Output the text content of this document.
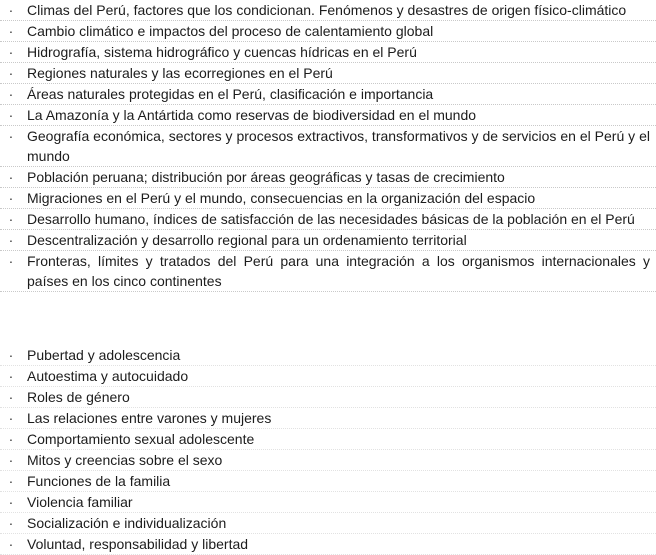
· Climas del Perú, factores que los condicionan. Fenómenos y desastres de origen físico-climático
· Cambio climático e impactos del proceso de calentamiento global
· Hidrografía, sistema hidrográfico y cuencas hídricas en el Perú
· Regiones naturales y las ecorregiones en el Perú
· Áreas naturales protegidas en el Perú, clasificación e importancia
· La Amazonía y la Antártida como reservas de biodiversidad en el mundo
· Geografía económica, sectores y procesos extractivos, transformativos y de servicios en el Perú y el mundo
· Población peruana; distribución por áreas geográficas y tasas de crecimiento
· Migraciones en el Perú y el mundo, consecuencias en la organización del espacio
· Desarrollo humano, índices de satisfacción de las necesidades básicas de la población en el Perú
· Descentralización y desarrollo regional para un ordenamiento territorial
· Fronteras, límites y tratados del Perú para una integración a los organismos internacionales y países en los cinco continentes
· Pubertad y adolescencia
· Autoestima y autocuidado
· Roles de género
· Las relaciones entre varones y mujeres
· Comportamiento sexual adolescente
· Mitos y creencias sobre el sexo
· Funciones de la familia
· Violencia familiar
· Socialización e individualización
· Voluntad, responsabilidad y libertad
